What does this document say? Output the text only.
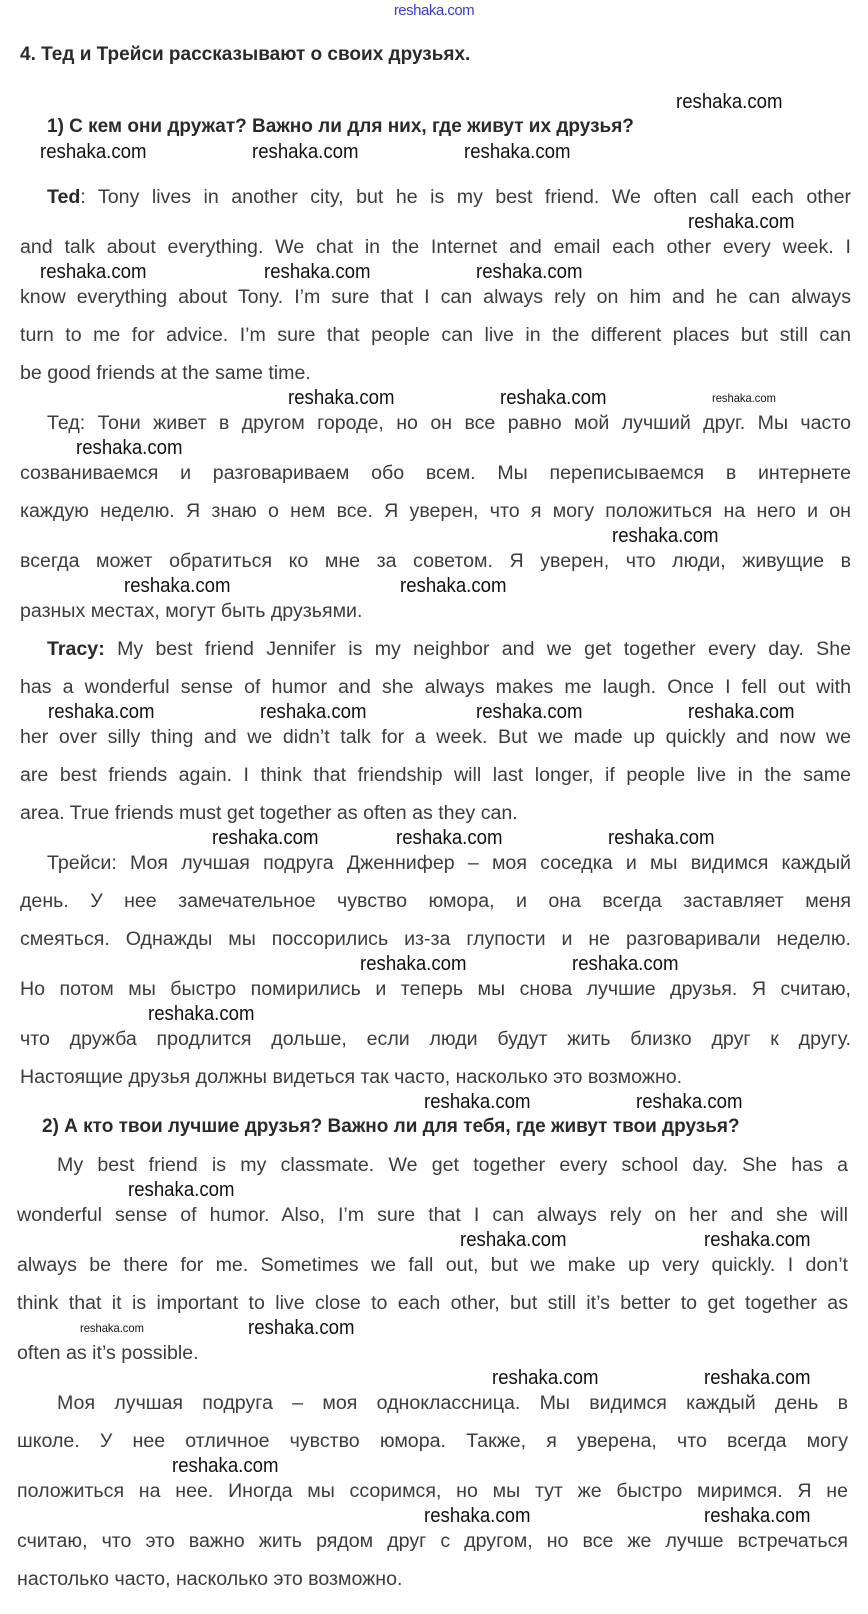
reshaka.com
4. Тед и Трейси рассказывают о своих друзьях.
reshaka.com
1) С кем они дружат? Важно ли для них, где живут их друзья?
reshaka.com	reshaka.com	reshaka.com
Ted: Tony lives in another city, but he is my best friend. We often call each other
reshaka.com
and talk about everything. We chat in the Internet and email each other every week. I
reshaka.com	reshaka.com	reshaka.com
know everything about Tony. I’m sure that I can always rely on him and he can always
turn to me for advice. I’m sure that people can live in the different places but still can
be good friends at the same time.
reshaka.com	reshaka.com	reshaka.com
Тед: Тони живет в другом городе, но он все равно мой лучший друг. Мы часто
reshaka.com
созваниваемся и разговариваем обо всем. Мы переписываемся в интернете
каждую неделю. Я знаю о нем все. Я уверен, что я могу положиться на него и он
reshaka.com
всегда может обратиться ко мне за советом. Я уверен, что люди, живущие в
reshaka.com	reshaka.com
разных местах, могут быть друзьями.
Tracy: My best friend Jennifer is my neighbor and we get together every day. She
has a wonderful sense of humor and she always makes me laugh. Once I fell out with
reshaka.com	reshaka.com	reshaka.com	reshaka.com
her over silly thing and we didn’t talk for a week. But we made up quickly and now we
are best friends again. I think that friendship will last longer, if people live in the same
area. True friends must get together as often as they can.
reshaka.com	reshaka.com	reshaka.com
Трейси: Моя лучшая подруга Дженнифер – моя соседка и мы видимся каждый
день. У нее замечательное чувство юмора, и она всегда заставляет меня
смеяться. Однажды мы поссорились из-за глупости и не разговаривали неделю.
reshaka.com	reshaka.com
Но потом мы быстро помирились и теперь мы снова лучшие друзья. Я считаю,
reshaka.com
что дружба продлится дольше, если люди будут жить близко друг к другу.
Настоящие друзья должны видеться так часто, насколько это возможно.
reshaka.com	reshaka.com
2) А кто твои лучшие друзья? Важно ли для тебя, где живут твои друзья?
My best friend is my classmate. We get together every school day. She has a
reshaka.com
wonderful sense of humor. Also, I’m sure that I can always rely on her and she will
reshaka.com	reshaka.com
always be there for me. Sometimes we fall out, but we make up very quickly. I don’t
think that it is important to live close to each other, but still it’s better to get together as
reshaka.com	reshaka.com
often as it’s possible.
reshaka.com	reshaka.com
Моя лучшая подруга – моя одноклассница. Мы видимся каждый день в
школе. У нее отличное чувство юмора. Также, я уверена, что всегда могу
reshaka.com
положиться на нее. Иногда мы ссоримся, но мы тут же быстро миримся. Я не
reshaka.com	reshaka.com
считаю, что это важно жить рядом друг с другом, но все же лучше встречаться
настолько часто, насколько это возможно.
